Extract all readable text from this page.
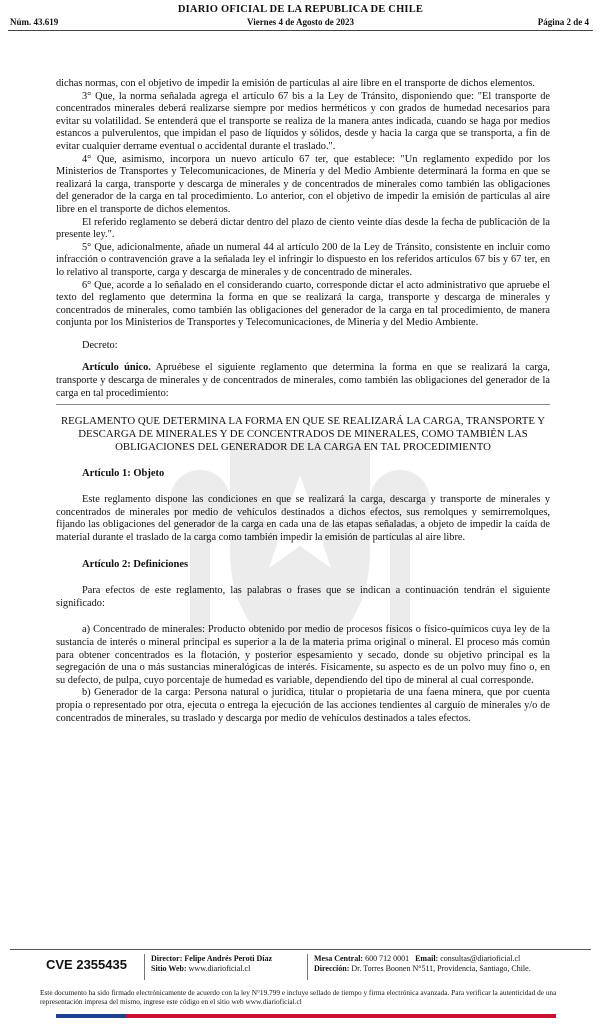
DIARIO OFICIAL DE LA REPUBLICA DE CHILE
Viernes 4 de Agosto de 2023
Núm. 43.619	Página 2 de 4

dichas normas, con el objetivo de impedir la emisión de partículas al aire libre en el transporte de dichos elementos.

3° Que, la norma señalada agrega el artículo 67 bis a la Ley de Tránsito, disponiendo que: "El transporte de concentrados minerales deberá realizarse siempre por medios herméticos y con grados de humedad necesarios para evitar su volatilidad. Se entenderá que el transporte se realiza de la manera antes indicada, cuando se haga por medios estancos a pulverulentos, que impidan el paso de líquidos y sólidos, desde y hacia la carga que se transporta, a fin de evitar cualquier derrame eventual o accidental durante el traslado.".

4° Que, asimismo, incorpora un nuevo artículo 67 ter, que establece: "Un reglamento expedido por los Ministerios de Transportes y Telecomunicaciones, de Minería y del Medio Ambiente determinará la forma en que se realizará la carga, transporte y descarga de minerales y de concentrados de minerales como también las obligaciones del generador de la carga en tal procedimiento. Lo anterior, con el objetivo de impedir la emisión de partículas al aire libre en el transporte de dichos elementos.

El referido reglamento se deberá dictar dentro del plazo de ciento veinte días desde la fecha de publicación de la presente ley.".

5° Que, adicionalmente, añade un numeral 44 al artículo 200 de la Ley de Tránsito, consistente en incluir como infracción o contravención grave a la señalada ley el infringir lo dispuesto en los referidos artículos 67 bis y 67 ter, en lo relativo al transporte, carga y descarga de minerales y de concentrado de minerales.

6° Que, acorde a lo señalado en el considerando cuarto, corresponde dictar el acto administrativo que apruebe el texto del reglamento que determina la forma en que se realizará la carga, transporte y descarga de minerales y concentrados de minerales, como también las obligaciones del generador de la carga en tal procedimiento, de manera conjunta por los Ministerios de Transportes y Telecomunicaciones, de Minería y del Medio Ambiente.

Decreto:

Artículo único. Apruébese el siguiente reglamento que determina la forma en que se realizará la carga, transporte y descarga de minerales y de concentrados de minerales, como también las obligaciones del generador de la carga en tal procedimiento:

REGLAMENTO QUE DETERMINA LA FORMA EN QUE SE REALIZARÁ LA CARGA, TRANSPORTE Y DESCARGA DE MINERALES Y DE CONCENTRADOS DE MINERALES, COMO TAMBIÉN LAS OBLIGACIONES DEL GENERADOR DE LA CARGA EN TAL PROCEDIMIENTO

Artículo 1: Objeto

Este reglamento dispone las condiciones en que se realizará la carga, descarga y transporte de minerales y concentrados de minerales por medio de vehículos destinados a dichos efectos, sus remolques y semirremolques, fijando las obligaciones del generador de la carga en cada una de las etapas señaladas, a objeto de impedir la caída de material durante el traslado de la carga como también impedir la emisión de partículas al aire libre.

Artículo 2: Definiciones

Para efectos de este reglamento, las palabras o frases que se indican a continuación tendrán el siguiente significado:

a) Concentrado de minerales: Producto obtenido por medio de procesos físicos o físico-químicos cuya ley de la sustancia de interés o mineral principal es superior a la de la materia prima original o mineral. El proceso más común para obtener concentrados es la flotación, y posterior espesamiento y secado, donde su objetivo principal es la segregación de una o más sustancias mineralógicas de interés. Físicamente, su aspecto es de un polvo muy fino o, en su defecto, de pulpa, cuyo porcentaje de humedad es variable, dependiendo del tipo de mineral al cual corresponde.

b) Generador de la carga: Persona natural o jurídica, titular o propietaria de una faena minera, que por cuenta propia o representado por otra, ejecuta o entrega la ejecución de las acciones tendientes al carguío de minerales y/o de concentrados de minerales, su traslado y descarga por medio de vehículos destinados a tales efectos.

CVE 2355435	Director: Felipe Andrés Peroti Díaz
Sitio Web: www.diarioficial.cl
Mesa Central: 600 712 0001 Email: consultas@diarioficial.cl
Dirección: Dr. Torres Boonen N°511, Providencia, Santiago, Chile.
Este documento ha sido firmado electrónicamente de acuerdo con la ley N°19.799 e incluye sellado de tiempo y firma electrónica avanzada. Para verificar la autenticidad de una representación impresa del mismo, ingrese este código en el sitio web www.diarioficial.cl
